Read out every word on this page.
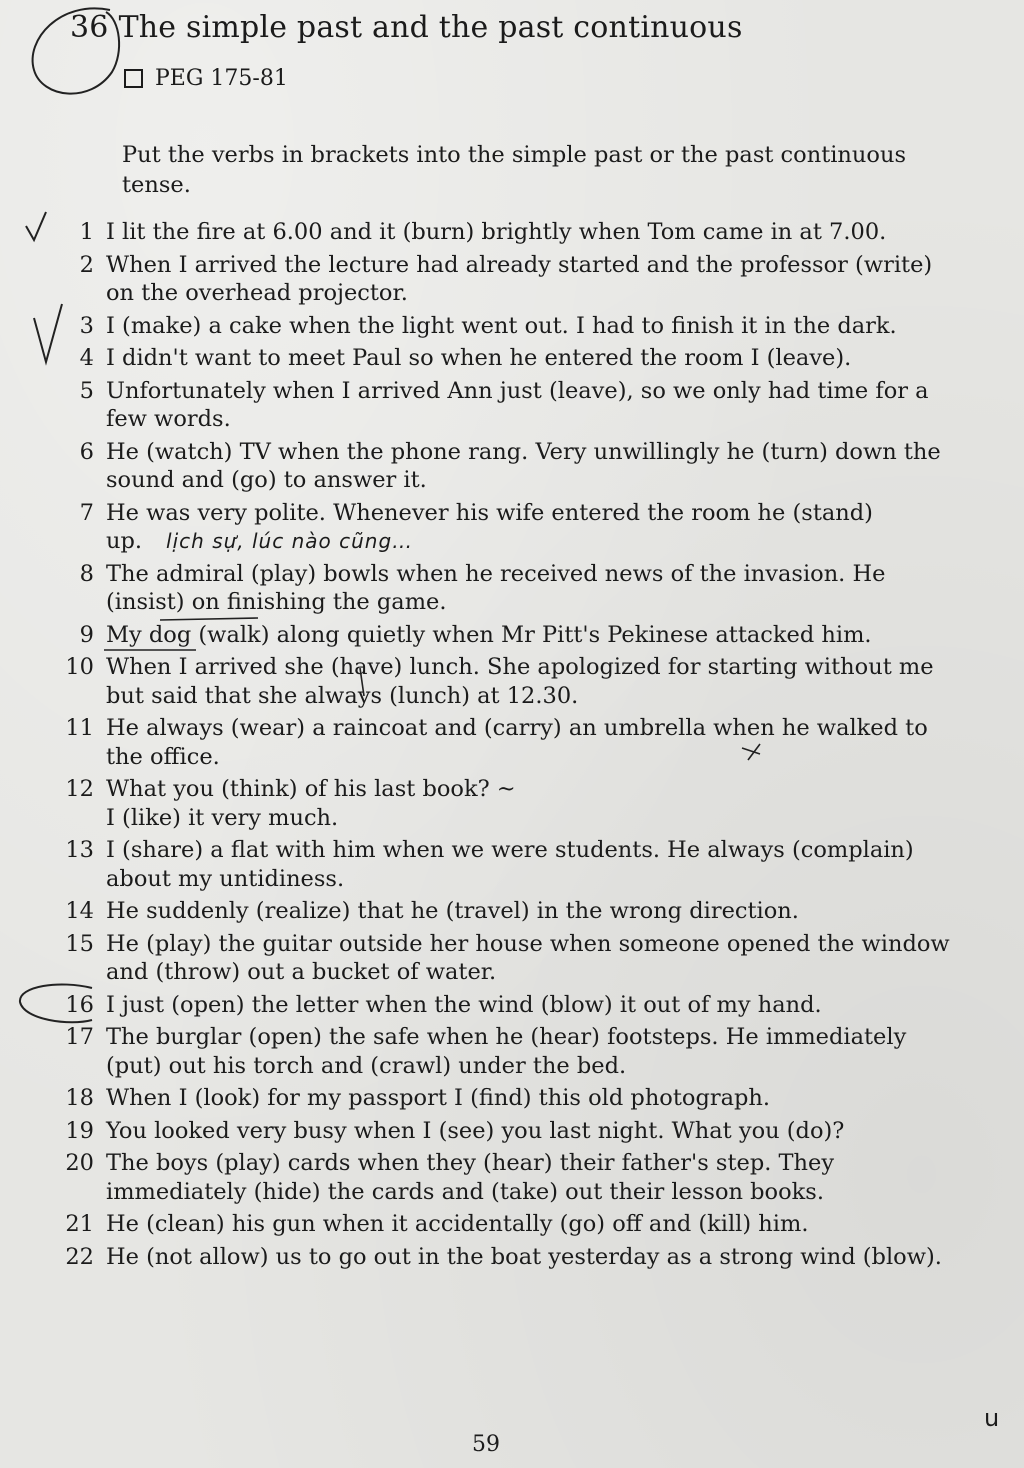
36 The simple past and the past continuous
PEG 175-81
Put the verbs in brackets into the simple past or the past continuous tense.
1 I lit the fire at 6.00 and it (burn) brightly when Tom came in at 7.00.
2 When I arrived the lecture had already started and the professor (write) on the overhead projector.
3 I (make) a cake when the light went out. I had to finish it in the dark.
4 I didn't want to meet Paul so when he entered the room I (leave).
5 Unfortunately when I arrived Ann just (leave), so we only had time for a few words.
6 He (watch) TV when the phone rang. Very unwillingly he (turn) down the sound and (go) to answer it.
7 He was very polite. Whenever his wife entered the room he (stand) up. lịch sự, lúc nào cũng…
8 The admiral (play) bowls when he received news of the invasion. He (insist) on finishing the game.
9 My dog (walk) along quietly when Mr Pitt's Pekinese attacked him.
10 When I arrived she (have) lunch. She apologized for starting without me but said that she always (lunch) at 12.30.
11 He always (wear) a raincoat and (carry) an umbrella when he walked to the office.
12 What you (think) of his last book? ~
I (like) it very much.
13 I (share) a flat with him when we were students. He always (complain) about my untidiness.
14 He suddenly (realize) that he (travel) in the wrong direction.
15 He (play) the guitar outside her house when someone opened the window and (throw) out a bucket of water.
16 I just (open) the letter when the wind (blow) it out of my hand.
17 The burglar (open) the safe when he (hear) footsteps. He immediately (put) out his torch and (crawl) under the bed.
18 When I (look) for my passport I (find) this old photograph.
19 You looked very busy when I (see) you last night. What you (do)?
20 The boys (play) cards when they (hear) their father's step. They immediately (hide) the cards and (take) out their lesson books.
21 He (clean) his gun when it accidentally (go) off and (kill) him.
22 He (not allow) us to go out in the boat yesterday as a strong wind (blow).
59
u
